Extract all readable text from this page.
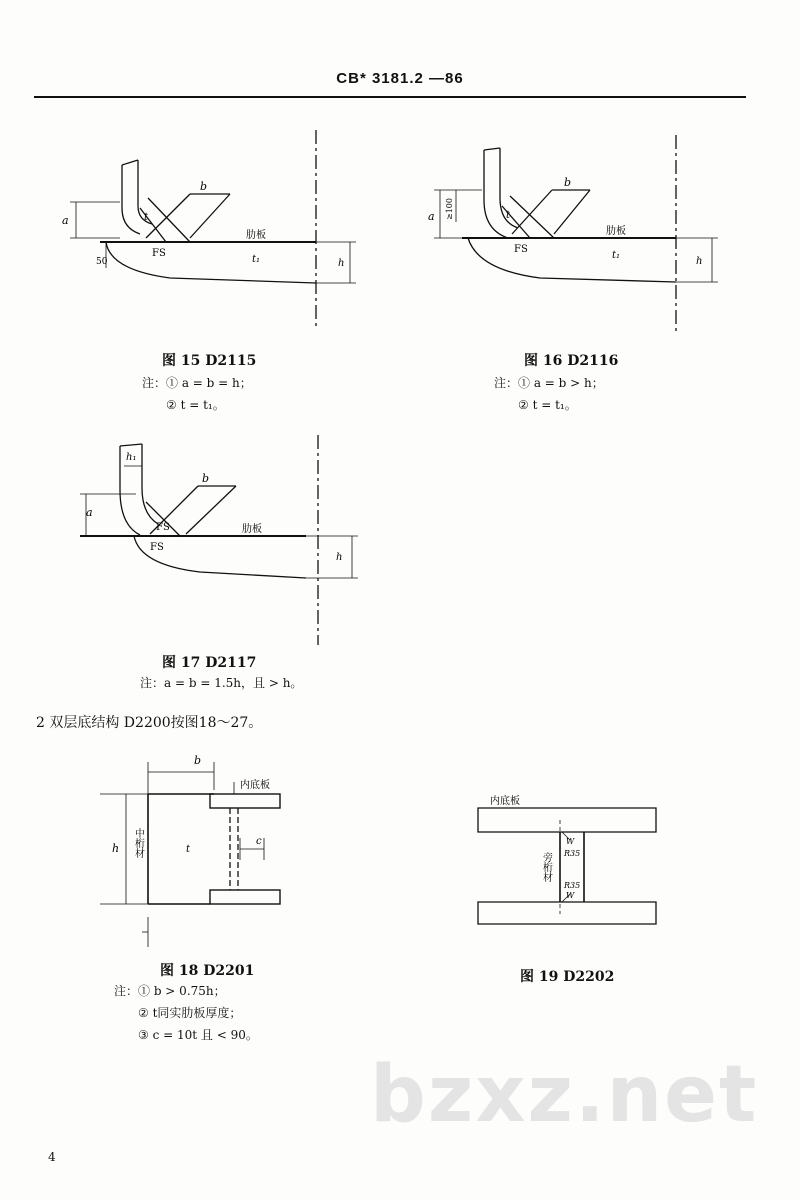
CB* 3181.2 —86
b
a	t
FS
肋板
t₁	h
50
图 15 D2115
注：① a = b = h；
② t = t₁。
b
a	t
FS
肋板
t₁
h
≥100
图 16 D2116
注：① a = b > h；
② t = t₁。
h₁
b
a
FS
FS
肋板
h
图 17 D2117
注：a = b = 1.5h，且 > h。
2 双层底结构 D2200按图18～27。
b
内底板
h 中桁材	t
c
图 18 D2201
注：① b > 0.75h；
② t同实肋板厚度；
③ c = 10t 且 < 90。
内底板
W
R35
旁桁材
R35
W
图 19 D2202
bzxz.net
4
